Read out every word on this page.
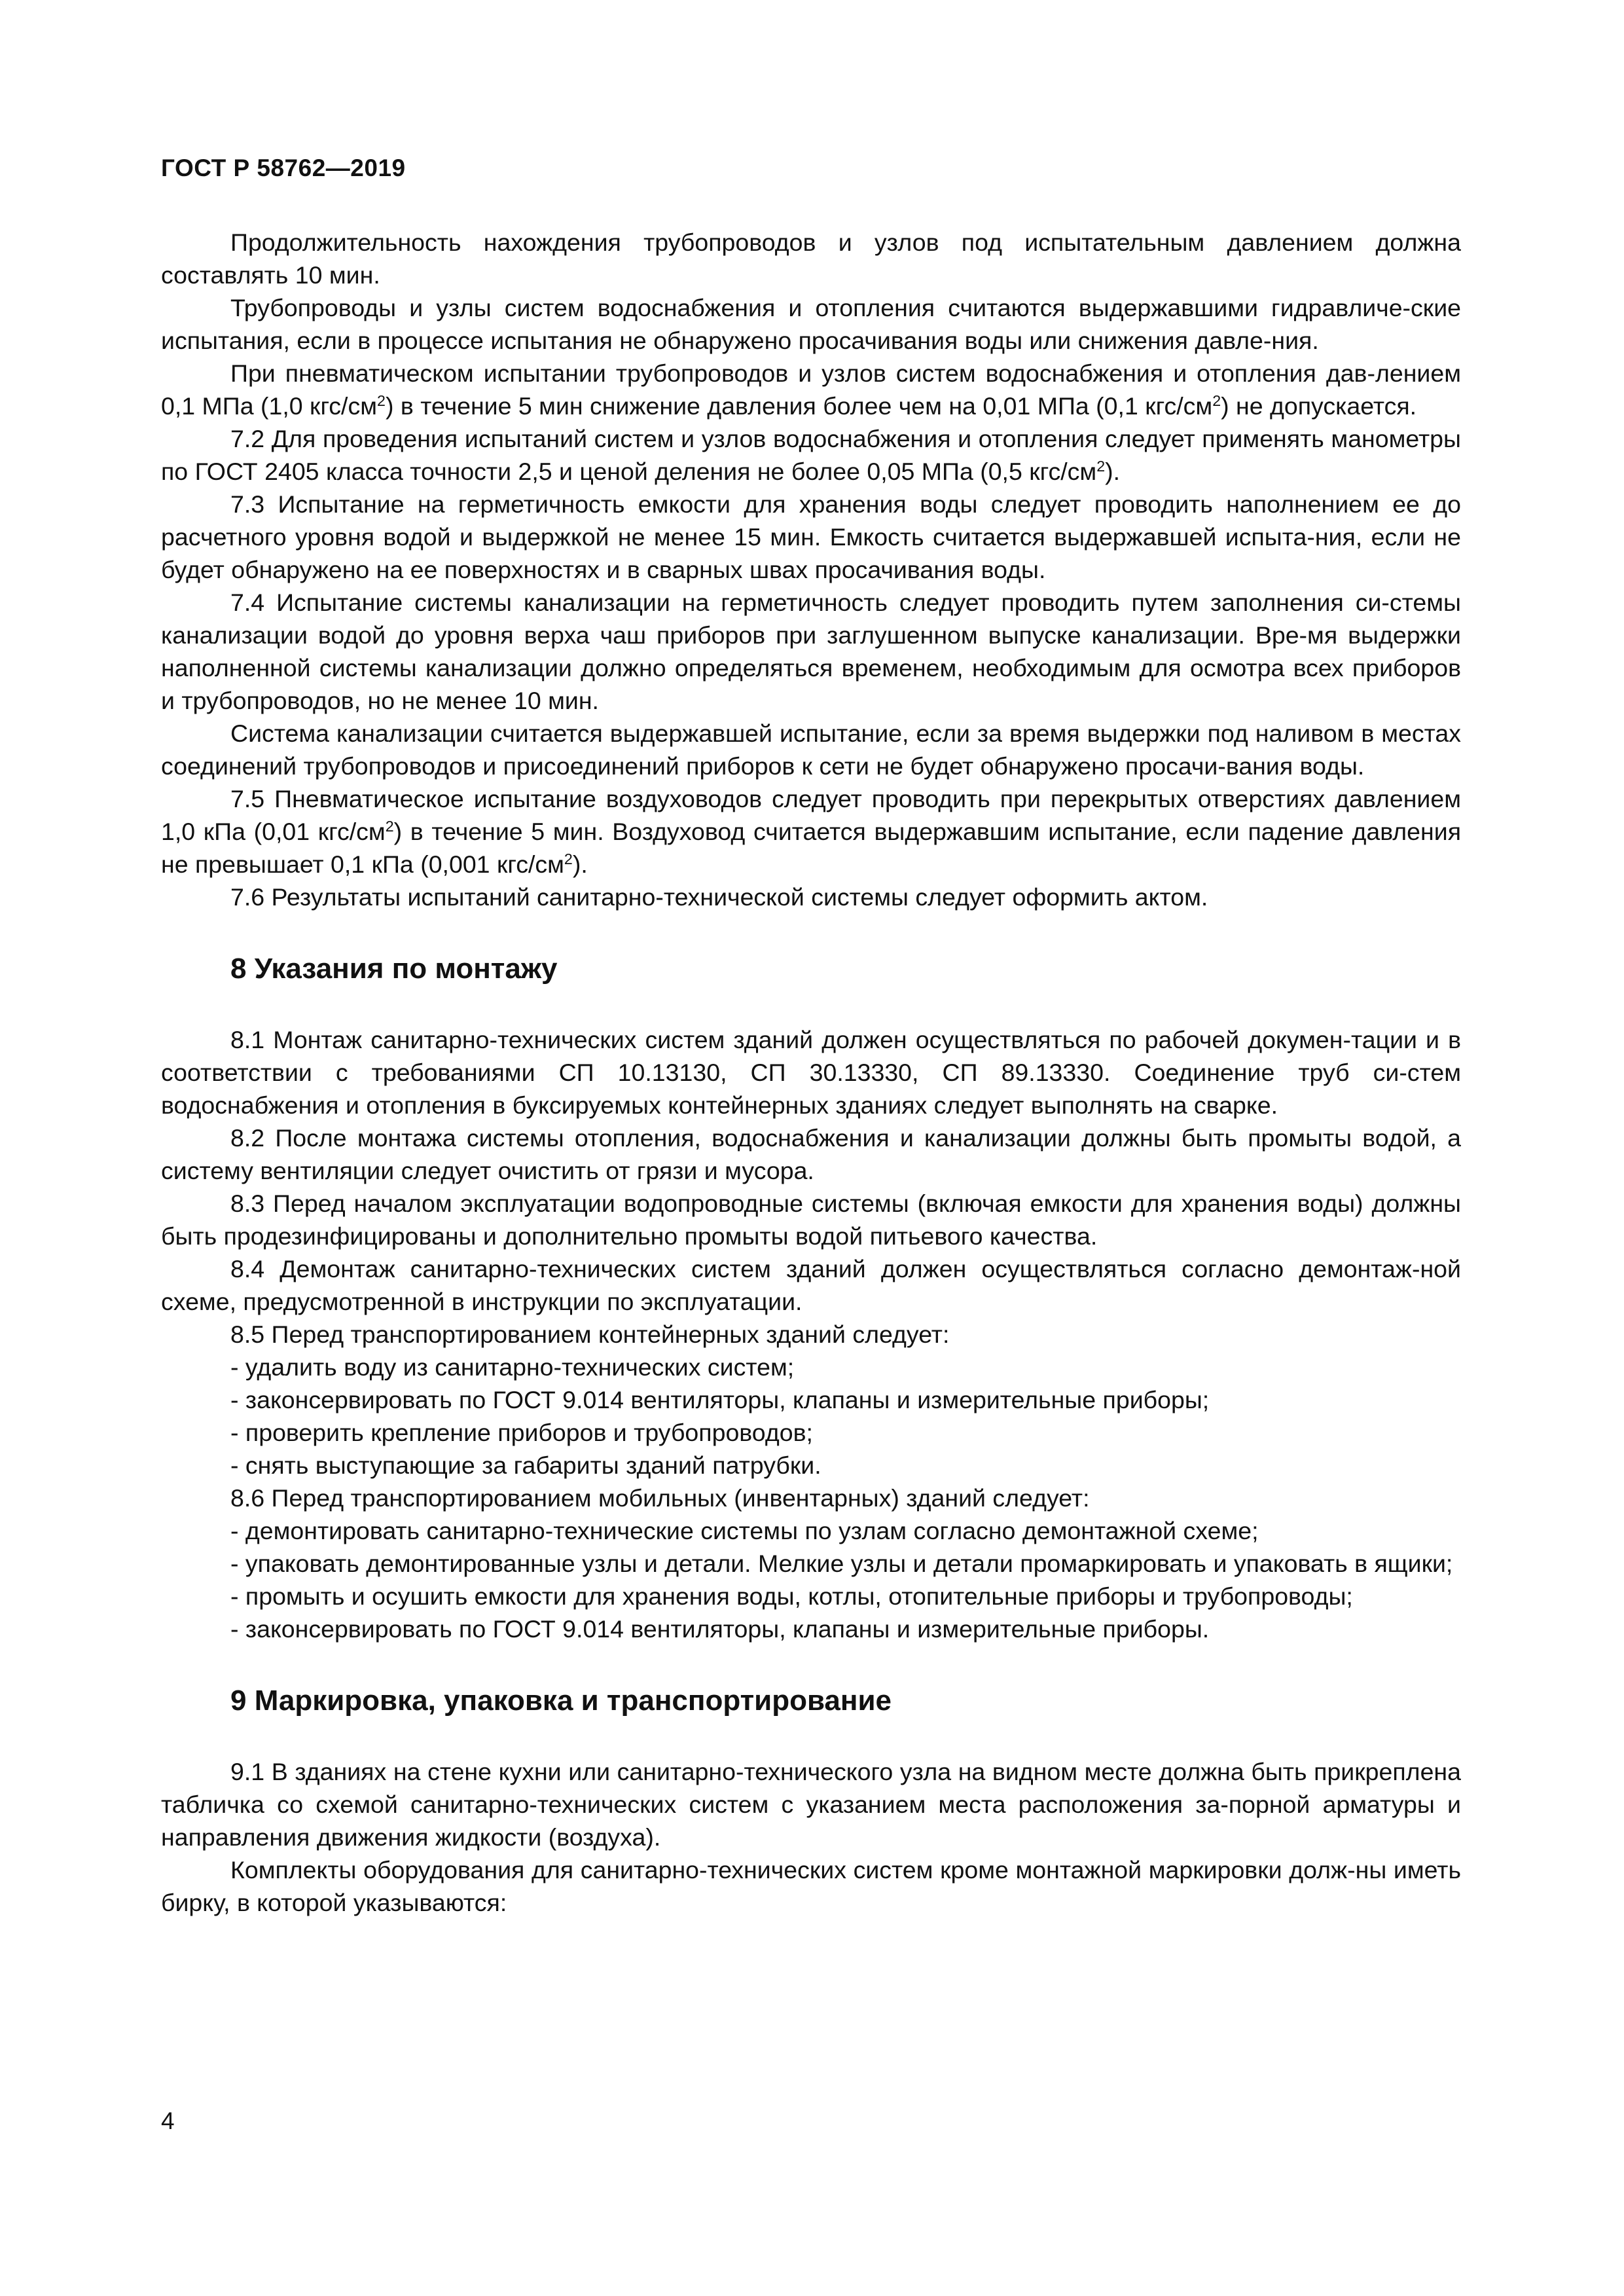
ГОСТ Р 58762—2019

Продолжительность нахождения трубопроводов и узлов под испытательным давлением должна составлять 10 мин.

Трубопроводы и узлы систем водоснабжения и отопления считаются выдержавшими гидравличе-ские испытания, если в процессе испытания не обнаружено просачивания воды или снижения давле-ния.

При пневматическом испытании трубопроводов и узлов систем водоснабжения и отопления дав-лением 0,1 МПа (1,0 кгс/$см^2$) в течение 5 мин снижение давления более чем на 0,01 МПа (0,1 кгс/$см^2$) не допускается.

7.2 Для проведения испытаний систем и узлов водоснабжения и отопления следует применять манометры по ГОСТ 2405 класса точности 2,5 и ценой деления не более 0,05 МПа (0,5 кгс/$см^2$).

7.3 Испытание на герметичность емкости для хранения воды следует проводить наполнением ее до расчетного уровня водой и выдержкой не менее 15 мин. Емкость считается выдержавшей испыта-ния, если не будет обнаружено на ее поверхностях и в сварных швах просачивания воды.

7.4 Испытание системы канализации на герметичность следует проводить путем заполнения си-стемы канализации водой до уровня верха чаш приборов при заглушенном выпуске канализации. Вре-мя выдержки наполненной системы канализации должно определяться временем, необходимым для осмотра всех приборов и трубопроводов, но не менее 10 мин.

Система канализации считается выдержавшей испытание, если за время выдержки под наливом в местах соединений трубопроводов и присоединений приборов к сети не будет обнаружено просачи-вания воды.

7.5 Пневматическое испытание воздуховодов следует проводить при перекрытых отверстиях давлением 1,0 кПа (0,01 кгс/$см^2$) в течение 5 мин. Воздуховод считается выдержавшим испытание, если падение давления не превышает 0,1 кПа (0,001 кгс/$см^2$).

7.6 Результаты испытаний санитарно-технической системы следует оформить актом.

8 Указания по монтажу

8.1 Монтаж санитарно-технических систем зданий должен осуществляться по рабочей докумен-тации и в соответствии с требованиями СП 10.13130, СП 30.13330, СП 89.13330. Соединение труб си-стем водоснабжения и отопления в буксируемых контейнерных зданиях следует выполнять на сварке.

8.2 После монтажа системы отопления, водоснабжения и канализации должны быть промыты водой, а систему вентиляции следует очистить от грязи и мусора.

8.3 Перед началом эксплуатации водопроводные системы (включая емкости для хранения воды) должны быть продезинфицированы и дополнительно промыты водой питьевого качества.

8.4 Демонтаж санитарно-технических систем зданий должен осуществляться согласно демонтаж-ной схеме, предусмотренной в инструкции по эксплуатации.

8.5 Перед транспортированием контейнерных зданий следует:

- удалить воду из санитарно-технических систем;

- законсервировать по ГОСТ 9.014 вентиляторы, клапаны и измерительные приборы;

- проверить крепление приборов и трубопроводов;

- снять выступающие за габариты зданий патрубки.

8.6 Перед транспортированием мобильных (инвентарных) зданий следует:

- демонтировать санитарно-технические системы по узлам согласно демонтажной схеме;

- упаковать демонтированные узлы и детали. Мелкие узлы и детали промаркировать и упаковать в ящики;

- промыть и осушить емкости для хранения воды, котлы, отопительные приборы и трубопроводы;

- законсервировать по ГОСТ 9.014 вентиляторы, клапаны и измерительные приборы.

9 Маркировка, упаковка и транспортирование

9.1 В зданиях на стене кухни или санитарно-технического узла на видном месте должна быть прикреплена табличка со схемой санитарно-технических систем с указанием места расположения за-порной арматуры и направления движения жидкости (воздуха).

Комплекты оборудования для санитарно-технических систем кроме монтажной маркировки долж-ны иметь бирку, в которой указываются:

4
